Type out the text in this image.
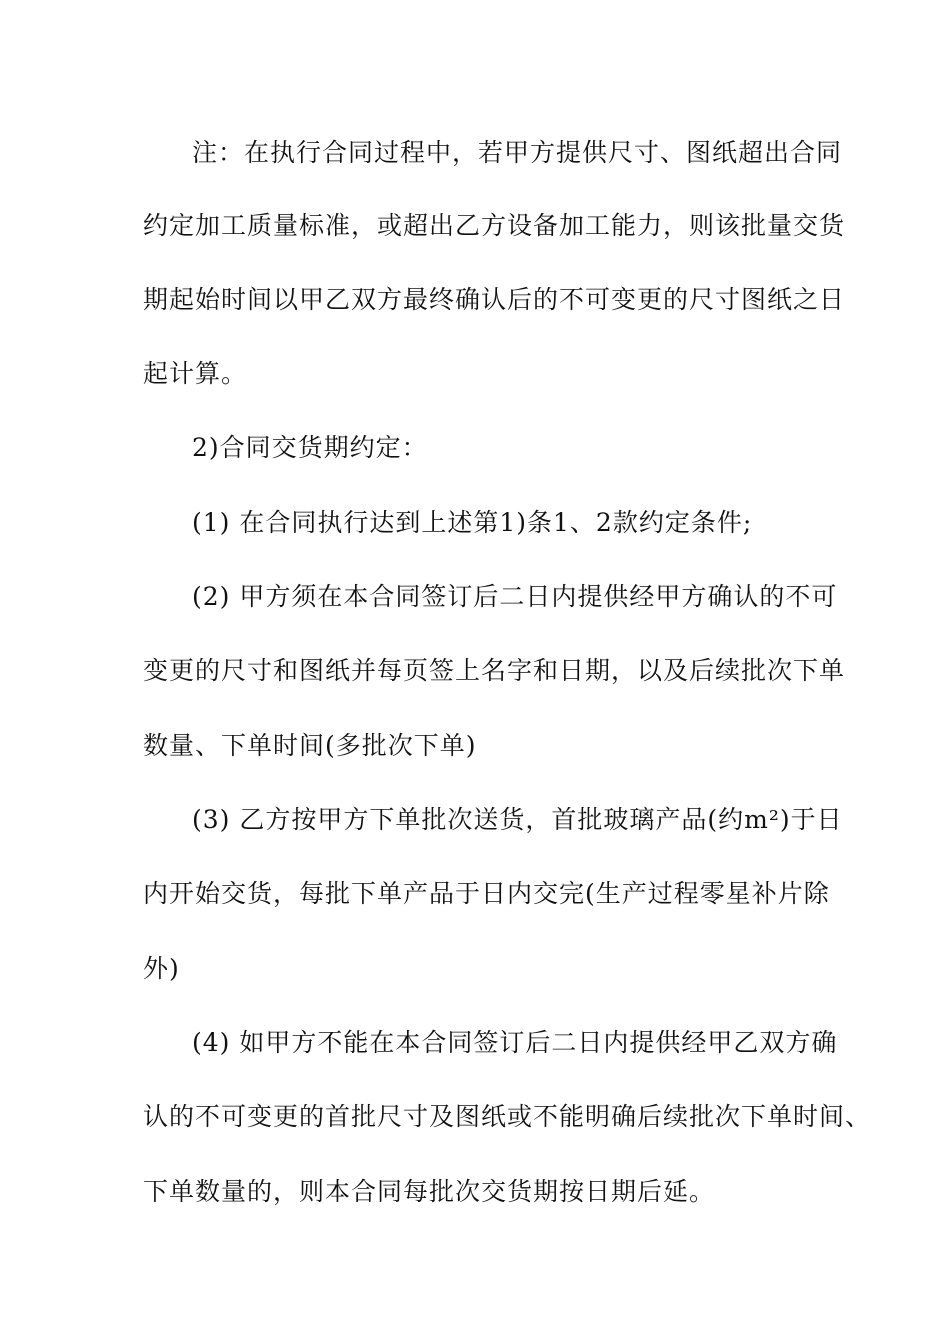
注：在执行合同过程中，若甲方提供尺寸、图纸超出合同
约定加工质量标准，或超出乙方设备加工能力，则该批量交货
期起始时间以甲乙双方最终确认后的不可变更的尺寸图纸之日
起计算。
2)合同交货期约定：
(1) 在合同执行达到上述第1)条1、2款约定条件;
(2) 甲方须在本合同签订后二日内提供经甲方确认的不可
变更的尺寸和图纸并每页签上名字和日期，以及后续批次下单
数量、下单时间(多批次下单)
(3) 乙方按甲方下单批次送货，首批玻璃产品(约m²)于日
内开始交货，每批下单产品于日内交完(生产过程零星补片除
外)
(4) 如甲方不能在本合同签订后二日内提供经甲乙双方确
认的不可变更的首批尺寸及图纸或不能明确后续批次下单时间、
下单数量的，则本合同每批次交货期按日期后延。
